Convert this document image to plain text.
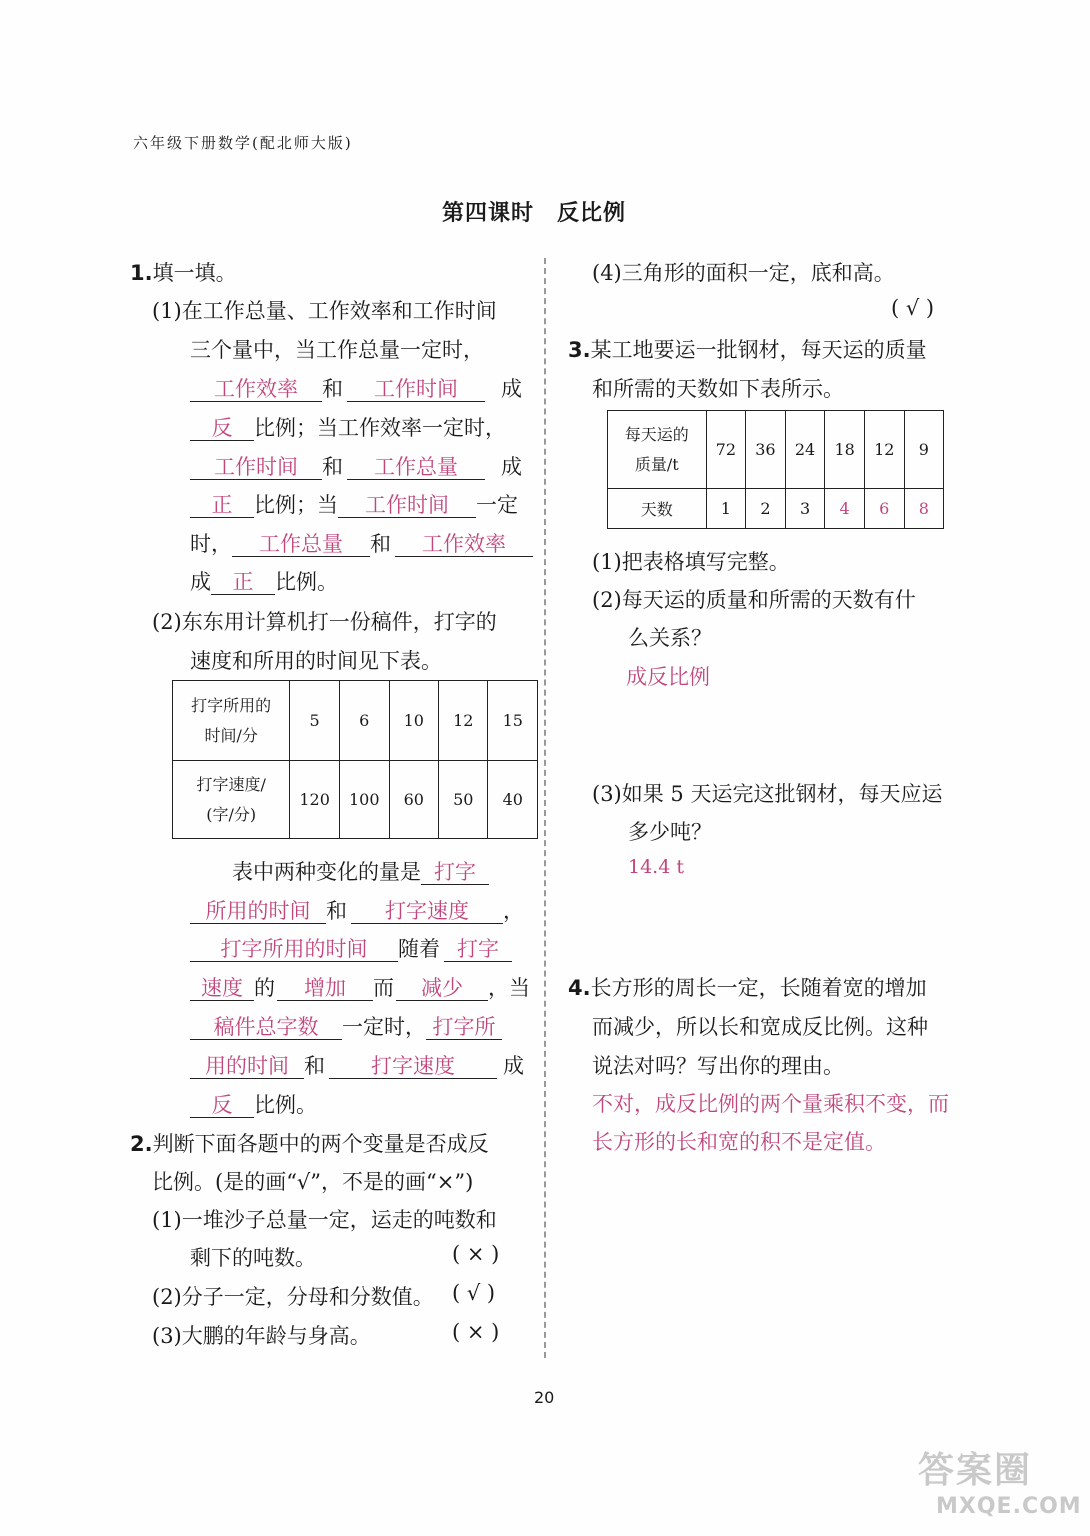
六年级下册数学(配北师大版)
第四课时　反比例
1.填一填。
(1)在工作总量、工作效率和工作时间
三个量中，当工作总量一定时，
工作效率 和 工作时间 成
反 比例；当工作效率一定时，
工作时间 和 工作总量 成
正 比例；当 工作时间 一定
时， 工作总量 和 工作效率
成 正 比例。
(2)东东用计算机打一份稿件，打字的
速度和所用的时间见下表。
打字所用的
时间/分	5	6	10	12	15

打字速度/
(字/分)	120	100	60	50	40
表中两种变化的量是 打字
所用的时间 和 打字速度 ，
打字所用的时间 随着 打字
速度 的 增加 而 减少 ，当
稿件总字数 一定时， 打字所
用的时间 和 打字速度 成
反 比例。
2.判断下面各题中的两个变量是否成反
比例。(是的画“√”，不是的画“×”)
(1)一堆沙子总量一定，运走的吨数和
剩下的吨数。	( × )
(2)分子一定，分母和分数值。 ( √ )
(3)大鹏的年龄与身高。	( × )
(4)三角形的面积一定，底和高。
( √ )
3.某工地要运一批钢材，每天运的质量
和所需的天数如下表所示。
每天运的
质量/t	72	36	24	18	12	9
天数	1	2	3	4	6	8
(1)把表格填写完整。
(2)每天运的质量和所需的天数有什
么关系？
成反比例
(3)如果 5 天运完这批钢材，每天应运
多少吨？
14.4 t
4.长方形的周长一定，长随着宽的增加
而减少，所以长和宽成反比例。这种
说法对吗？写出你的理由。
不对，成反比例的两个量乘积不变，而
长方形的长和宽的积不是定值。
20
答案圈
MXQE.COM
